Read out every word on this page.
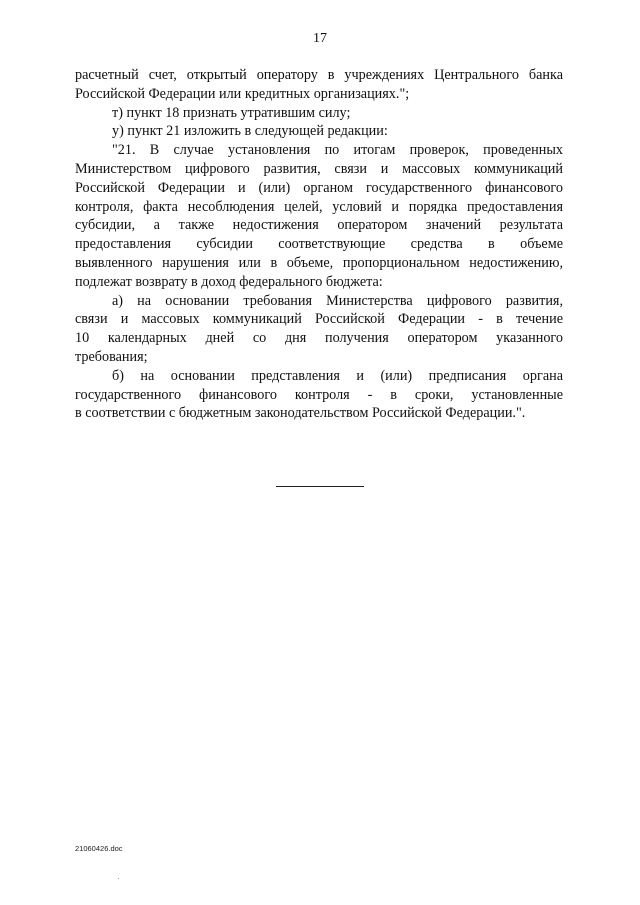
17
расчетный счет, открытый оператору в учреждениях Центрального банка
Российской Федерации или кредитных организациях.";
т) пункт 18 признать утратившим силу;
у) пункт 21 изложить в следующей редакции:
"21. В случае установления по итогам проверок, проведенных
Министерством цифрового развития, связи и массовых коммуникаций
Российской Федерации и (или) органом государственного финансового
контроля, факта несоблюдения целей, условий и порядка предоставления
субсидии, а также недостижения оператором значений результата
предоставления субсидии соответствующие средства в объеме
выявленного нарушения или в объеме, пропорциональном недостижению,
подлежат возврату в доход федерального бюджета:
а) на основании требования Министерства цифрового развития,
связи и массовых коммуникаций Российской Федерации - в течение
10 календарных дней со дня получения оператором указанного
требования;
б) на основании представления и (или) предписания органа
государственного финансового контроля - в сроки, установленные
в соответствии с бюджетным законодательством Российской Федерации.".
21060426.doc
